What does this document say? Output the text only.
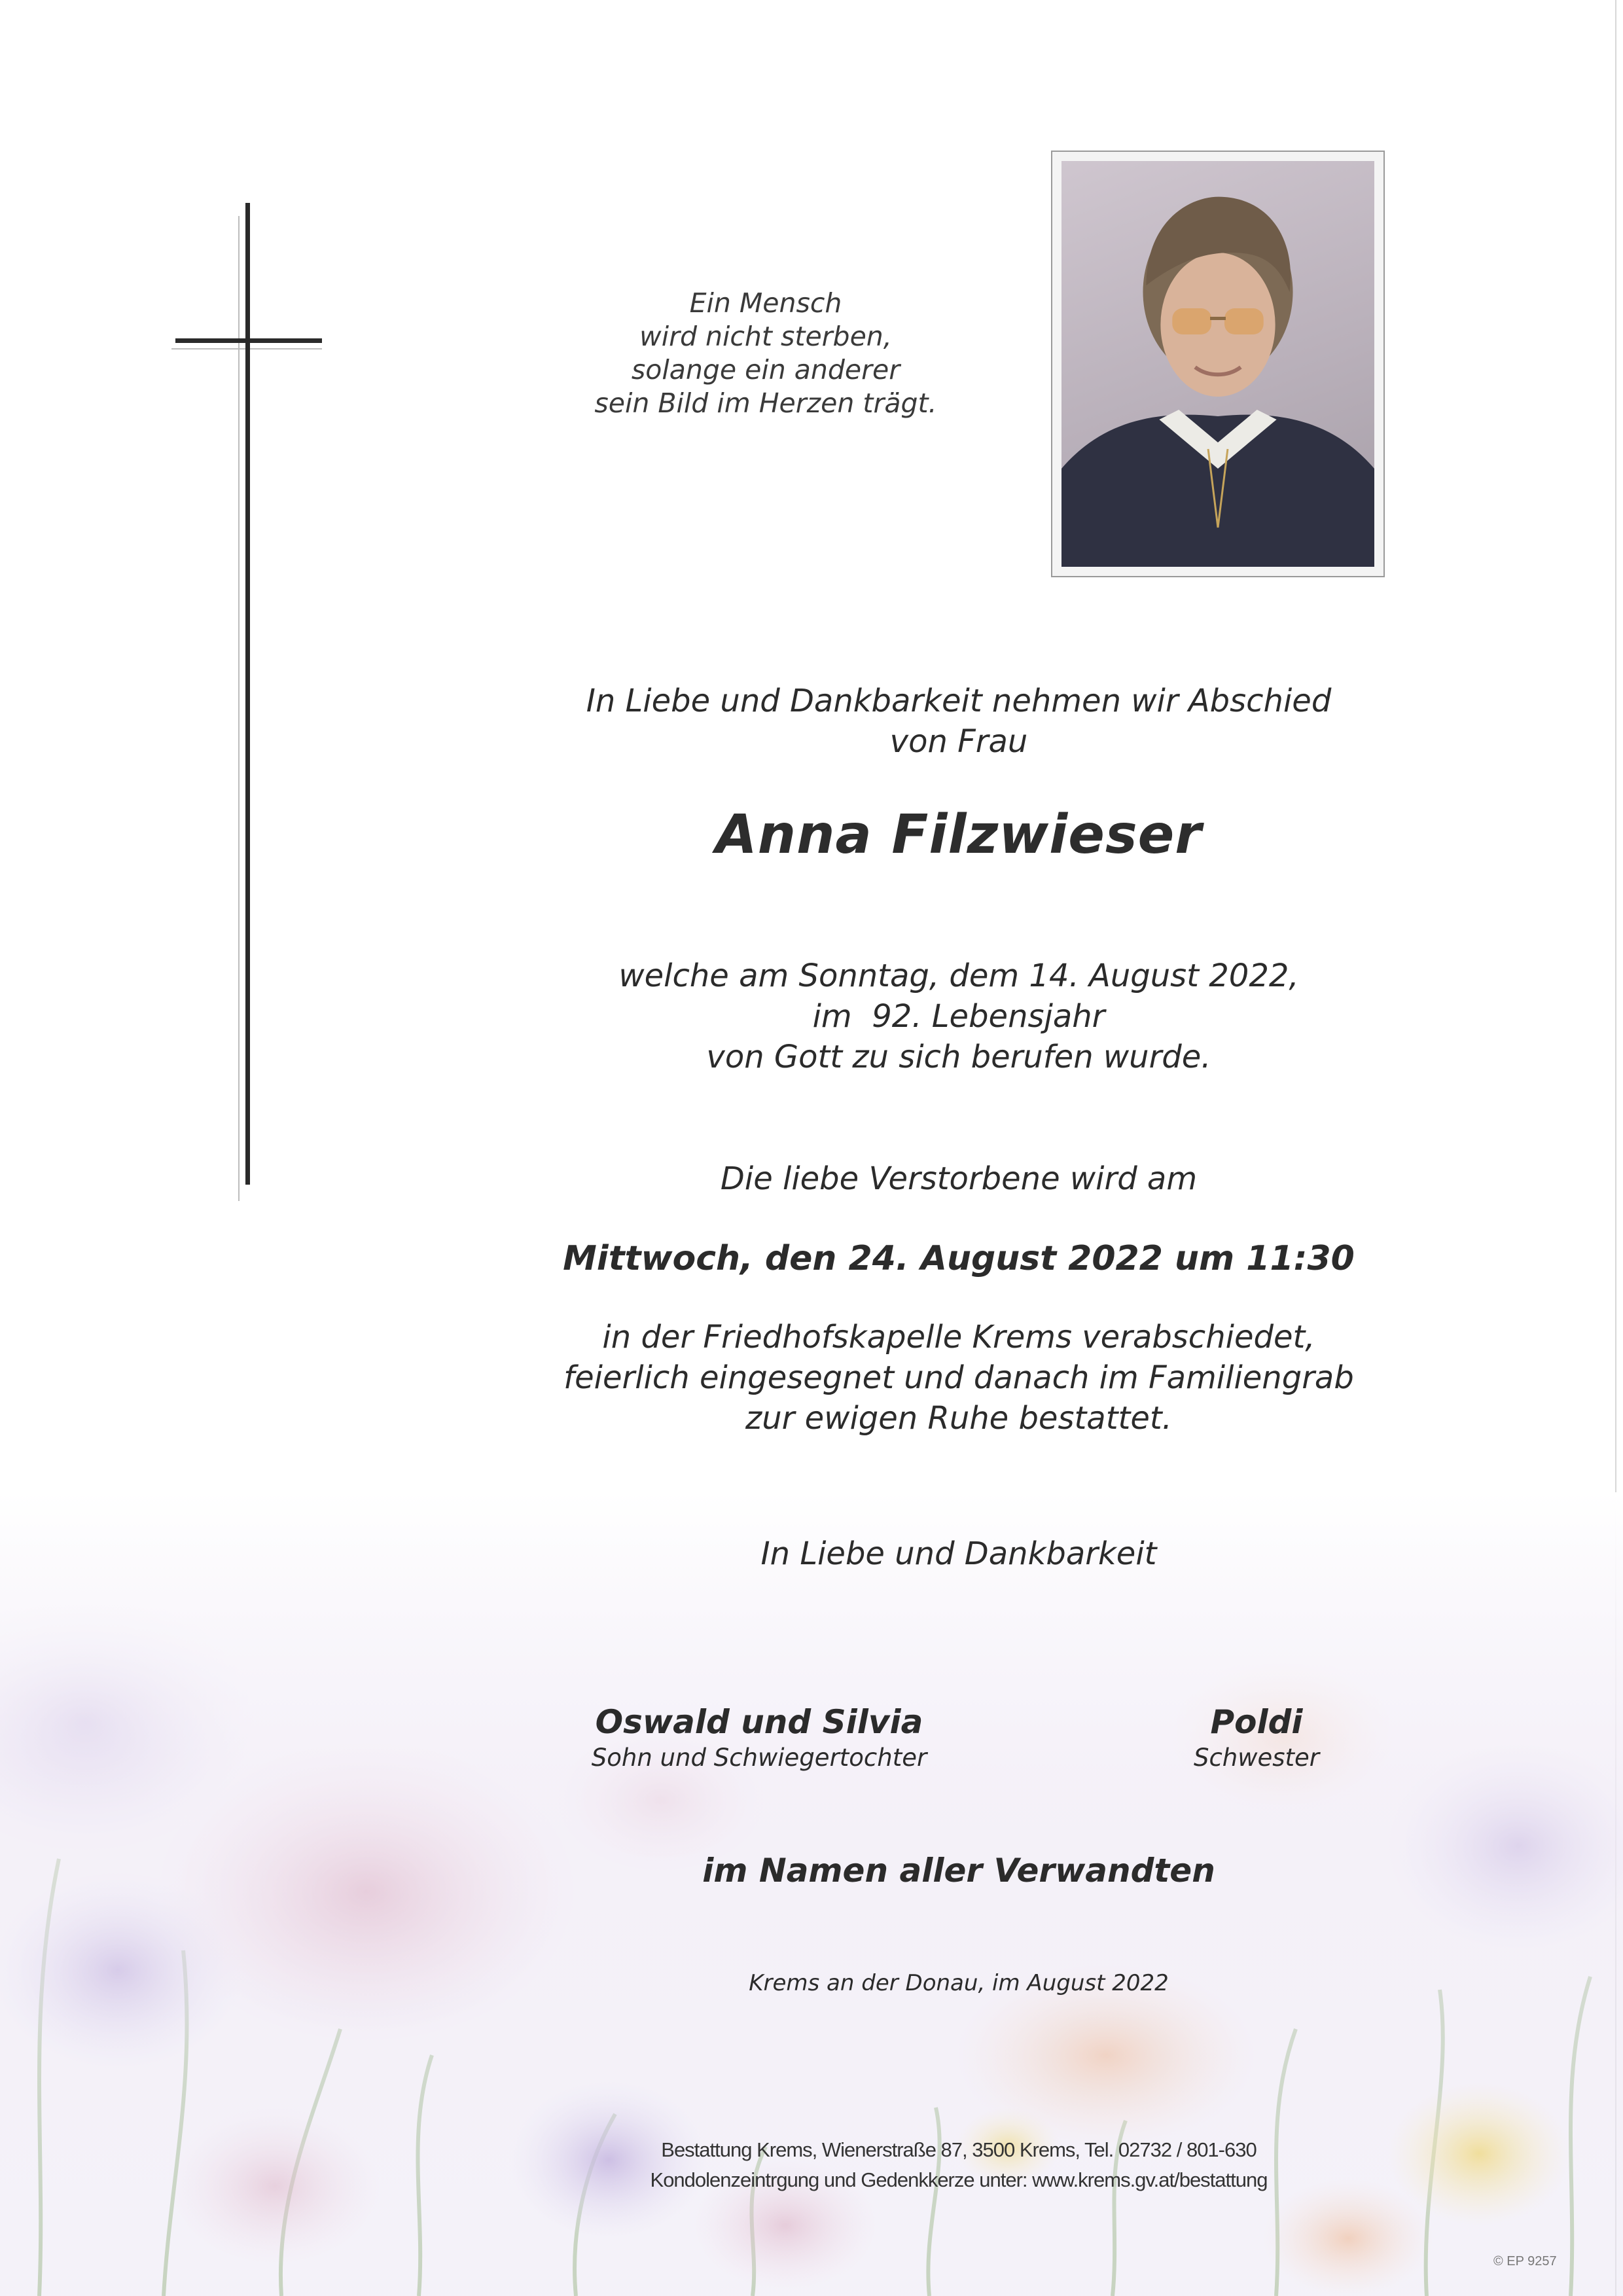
Ein Mensch
wird nicht sterben,
solange ein anderer
sein Bild im Herzen trägt.
In Liebe und Dankbarkeit nehmen wir Abschied
von Frau
Anna Filzwieser
welche am Sonntag, dem 14. August 2022,
im  92. Lebensjahr
von Gott zu sich berufen wurde.
Die liebe Verstorbene wird am
Mittwoch, den 24. August 2022 um 11:30
in der Friedhofskapelle Krems verabschiedet,
feierlich eingesegnet und danach im Familiengrab
zur ewigen Ruhe bestattet.
In Liebe und Dankbarkeit
Oswald und Silvia
Sohn und Schwiegertochter
Poldi
Schwester
im Namen aller Verwandten
Krems an der Donau, im August 2022
Bestattung Krems, Wienerstraße 87, 3500 Krems, Tel. 02732 / 801-630
Kondolenzeintrgung und Gedenkkerze unter: www.krems.gv.at/bestattung
© EP 9257
